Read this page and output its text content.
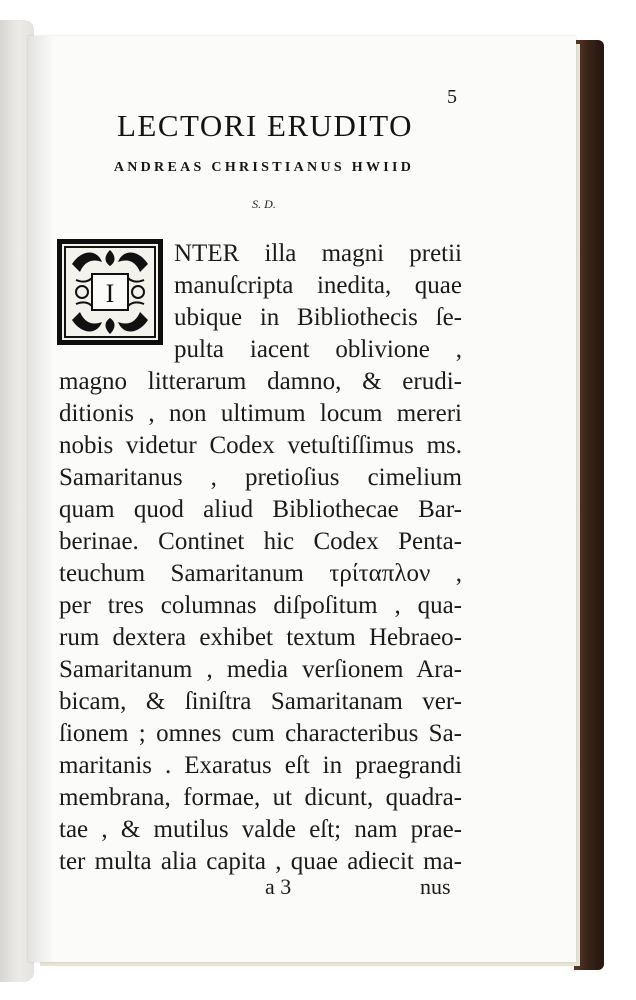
5
LECTORI ERUDITO
ANDREAS CHRISTIANUS HWIID
S. D.
I
NTER illa magni pretii
manuſcripta inedita, quae
ubique in Bibliothecis ſe-
pulta iacent oblivione ,
magno litterarum damno, & erudi-
ditionis , non ultimum locum mereri
nobis videtur Codex vetuſtiſſimus ms.
Samaritanus , pretioſius cimelium
quam quod aliud Bibliothecae Bar-
berinae. Continet hic Codex Penta-
teuchum Samaritanum τρίταπλον ,
per tres columnas diſpoſitum , qua-
rum dextera exhibet textum Hebraeo-
Samaritanum , media verſionem Ara-
bicam, & ſiniſtra Samaritanam ver-
ſionem ; omnes cum characteribus Sa-
maritanis . Exaratus eſt in praegrandi
membrana, formae, ut dicunt, quadra-
tae , & mutilus valde eſt; nam prae-
ter multa alia capita , quae adiecit ma-
a 3	nus
